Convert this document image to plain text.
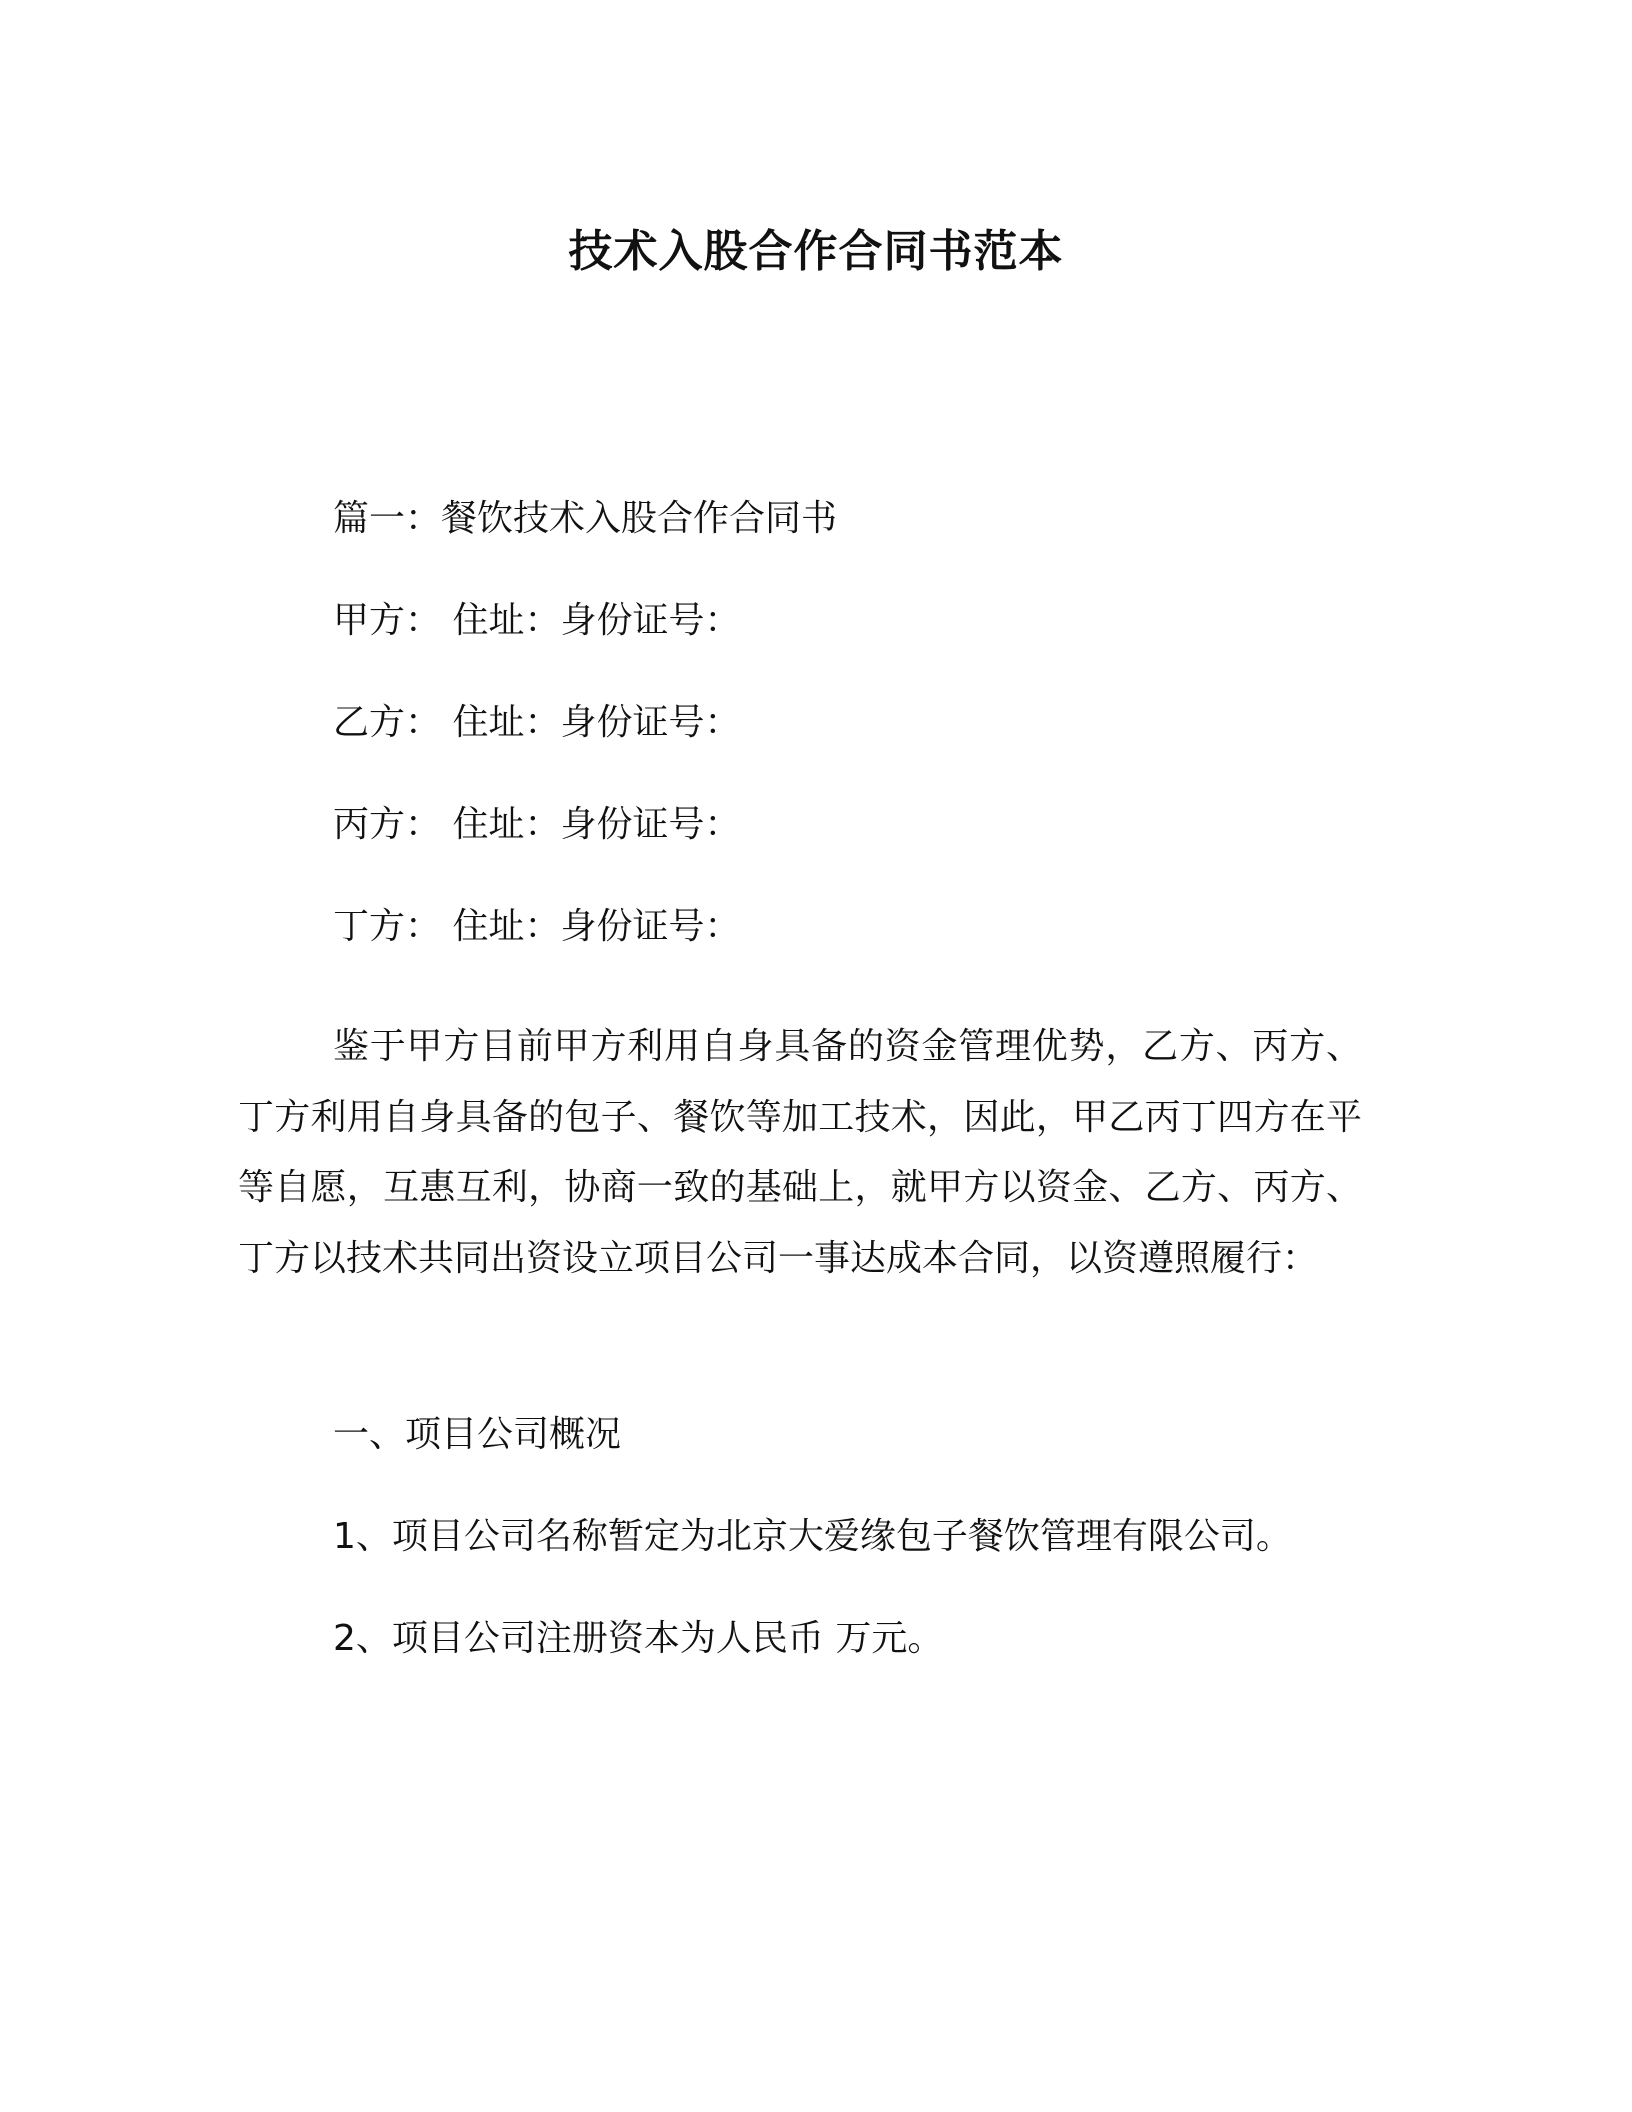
技术入股合作合同书范本
篇一：餐饮技术入股合作合同书
甲方： 住址：身份证号：
乙方： 住址：身份证号：
丙方： 住址：身份证号：
丁方： 住址：身份证号：
鉴于甲方目前甲方利用自身具备的资金管理优势，乙方、丙方、丁方利用自身具备的包子、餐饮等加工技术，因此，甲乙丙丁四方在平等自愿，互惠互利，协商一致的基础上，就甲方以资金、乙方、丙方、丁方以技术共同出资设立项目公司一事达成本合同，以资遵照履行：
一、项目公司概况
1、项目公司名称暂定为北京大爱缘包子餐饮管理有限公司。
2、项目公司注册资本为人民币 万元。
